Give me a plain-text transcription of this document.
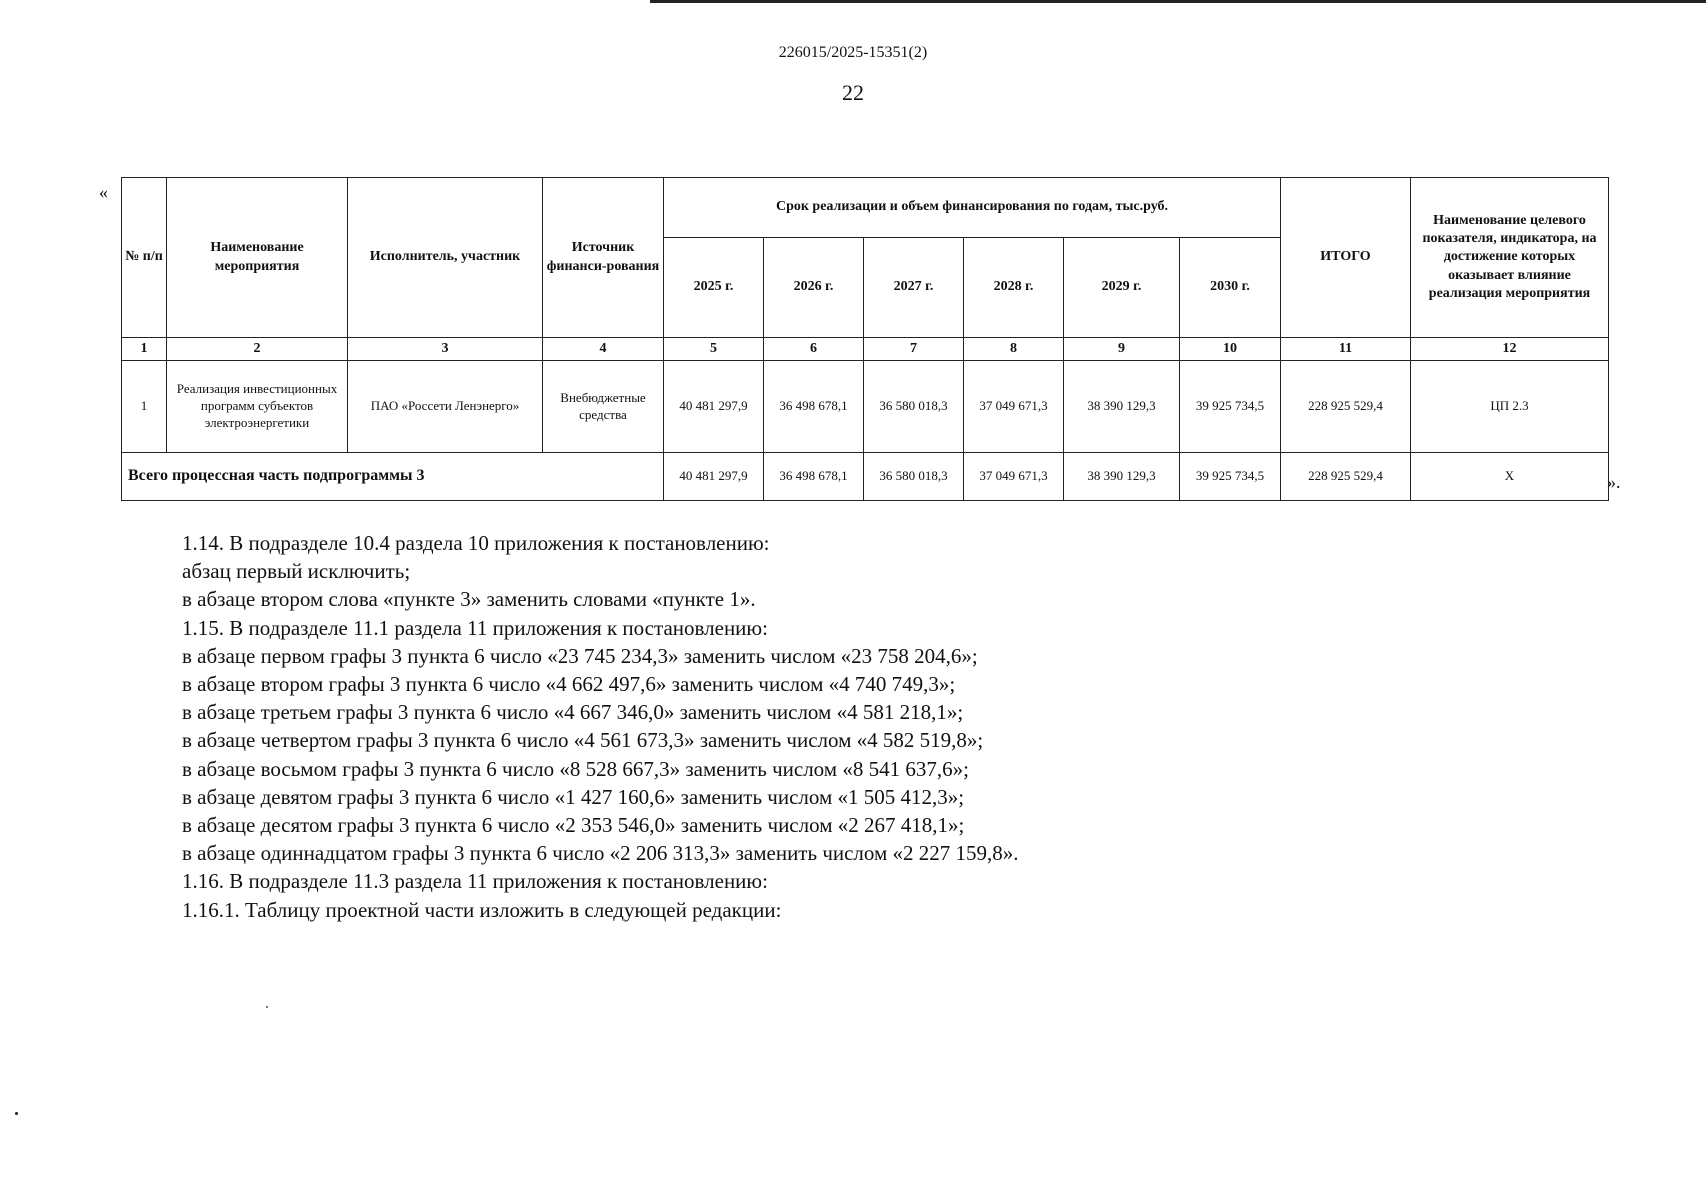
226015/2025-15351(2)
22
«
».
№ п/п	Наименование мероприятия	Исполнитель, участник	Источник финанси-рования	Срок реализации и объем финансирования по годам, тыс.руб.						ИТОГО	Наименование целевого показателя, индикатора, на достижение которых оказывает влияние реализация мероприятия
				2025 г.	2026 г.	2027 г.	2028 г.	2029 г.	2030 г.		
1	2	3	4	5	6	7	8	9	10	11	12
1	Реализация инвестиционных программ субъектов электроэнергетики	ПАО «Россети Ленэнерго»	Внебюджетные средства	40 481 297,9	36 498 678,1	36 580 018,3	37 049 671,3	38 390 129,3	39 925 734,5	228 925 529,4	ЦП 2.3
Всего процессная часть подпрограммы 3				40 481 297,9	36 498 678,1	36 580 018,3	37 049 671,3	38 390 129,3	39 925 734,5	228 925 529,4	X
1.14. В подразделе 10.4 раздела 10 приложения к постановлению:
абзац первый исключить;
в абзаце втором слова «пункте 3» заменить словами «пункте 1».
1.15. В подразделе 11.1 раздела 11 приложения к постановлению:
в абзаце первом графы 3 пункта 6 число «23 745 234,3» заменить числом «23 758 204,6»;
в абзаце втором графы 3 пункта 6 число «4 662 497,6» заменить числом «4 740 749,3»;
в абзаце третьем графы 3 пункта 6 число «4 667 346,0» заменить числом «4 581 218,1»;
в абзаце четвертом графы 3 пункта 6 число «4 561 673,3» заменить числом «4 582 519,8»;
в абзаце восьмом графы 3 пункта 6 число «8 528 667,3» заменить числом «8 541 637,6»;
в абзаце девятом графы 3 пункта 6 число «1 427 160,6» заменить числом «1 505 412,3»;
в абзаце десятом графы 3 пункта 6 число «2 353 546,0» заменить числом «2 267 418,1»;
в абзаце одиннадцатом графы 3 пункта 6 число «2 206 313,3» заменить числом «2 227 159,8».
1.16. В подразделе 11.3 раздела 11 приложения к постановлению:
1.16.1. Таблицу проектной части изложить в следующей редакции:
